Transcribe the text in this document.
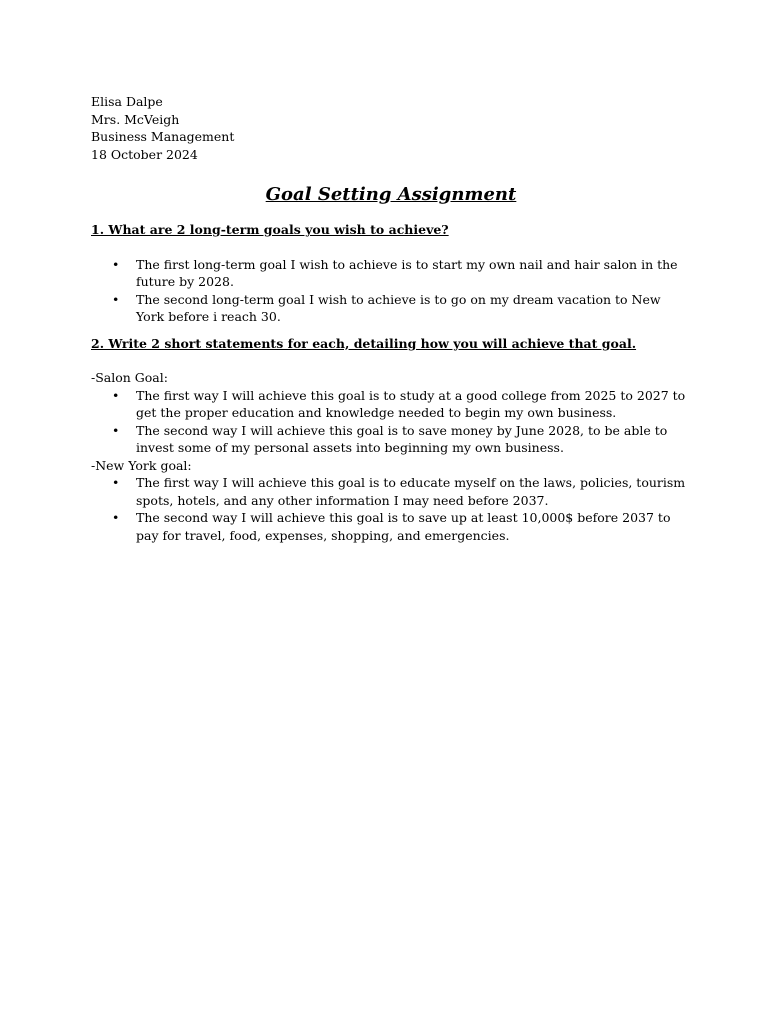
Elisa Dalpe
Mrs. McVeigh
Business Management
18 October 2024
Goal Setting Assignment
1. What are 2 long-term goals you wish to achieve?
• The first long-term goal I wish to achieve is to start my own nail and hair salon in the future by 2028.
• The second long-term goal I wish to achieve is to go on my dream vacation to New York before i reach 30.
2. Write 2 short statements for each, detailing how you will achieve that goal.
-Salon Goal:
• The first way I will achieve this goal is to study at a good college from 2025 to 2027 to get the proper education and knowledge needed to begin my own business.
• The second way I will achieve this goal is to save money by June 2028, to be able to invest some of my personal assets into beginning my own business.
-New York goal:
• The first way I will achieve this goal is to educate myself on the laws, policies, tourism spots, hotels, and any other information I may need before 2037.
• The second way I will achieve this goal is to save up at least 10,000$ before 2037 to pay for travel, food, expenses, shopping, and emergencies.
